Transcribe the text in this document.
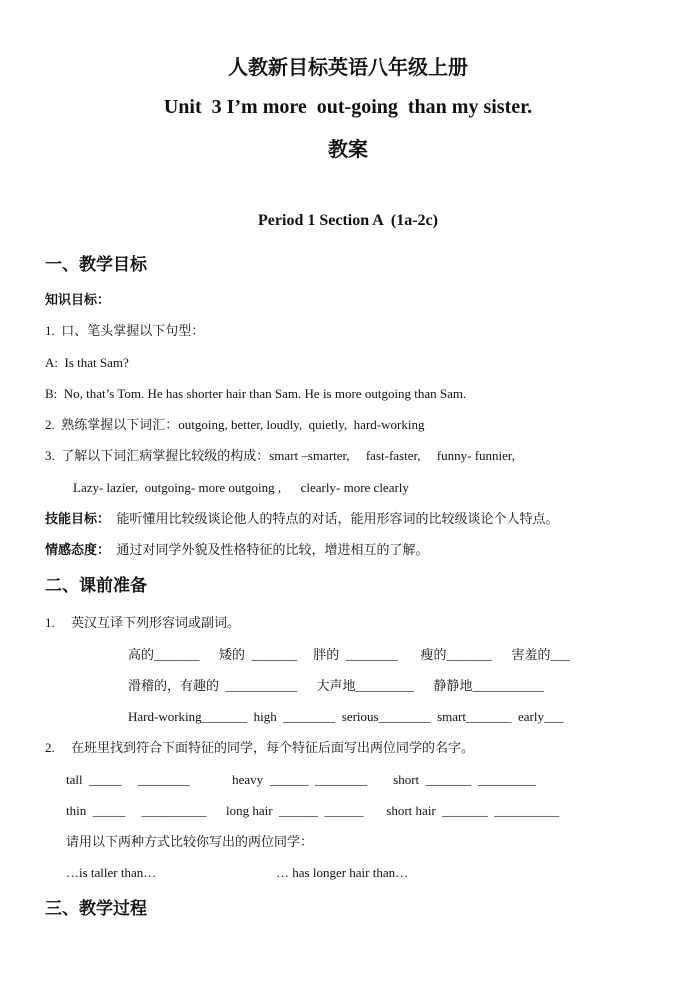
人教新目标英语八年级上册
Unit  3 I’m more  out-going  than my sister.
教案
Period 1 Section A  (1a-2c)
一、教学目标
知识目标：
1.  口、笔头掌握以下句型：
A:  Is that Sam?
B:  No, that’s Tom. He has shorter hair than Sam. He is more outgoing than Sam.
2.  熟练掌握以下词汇：outgoing, better, loudly,  quietly,  hard-working
3.  了解以下词汇病掌握比较级的构成：smart –smarter,     fast-faster,     funny- funnier,
Lazy- lazier,  outgoing- more outgoing ,      clearly- more clearly
技能目标：  能听懂用比较级谈论他人的特点的对话，能用形容词的比较级谈论个人特点。
情感态度：  通过对同学外貌及性格特征的比较，增进相互的了解。
二、课前准备
1.     英汉互译下列形容词或副词。
高的_______      矮的  _______     胖的  ________       瘦的_______      害羞的___
滑稽的，有趣的  ___________      大声地_________      静静地___________
Hard-working_______  high  ________  serious________  smart_______  early___
2.     在班里找到符合下面特征的同学，每个特征后面写出两位同学的名字。
tall  _____     ________             heavy  ______  ________        short  _______  _________
thin  _____     __________      long hair  ______  ______       short hair  _______  __________
请用以下两种方式比较你写出的两位同学：
…is taller than…	… has longer hair than…
三、教学过程
